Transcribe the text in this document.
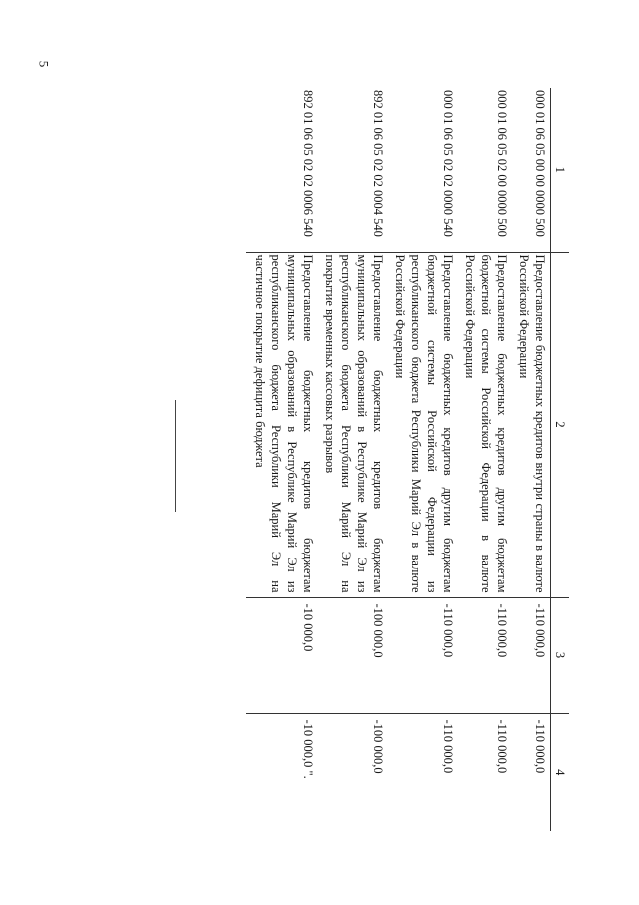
5
1	2	3	4
000 01 06 05 00 00 0000 500	Предоставление бюджетных кредитов внутри страны в валюте Российской Федерации	-110 000,0	-110 000,0
000 01 06 05 02 00 0000 500	Предоставление бюджетных кредитов другим бюджетам бюджетной системы Российской Федерации в валюте Российской Федерации	-110 000,0	-110 000,0
000 01 06 05 02 02 0000 540	Предоставление бюджетных кредитов другим бюджетам бюджетной системы Российской Федерации из республиканского бюджета Республики Марий Эл в валюте Российской Федерации	-110 000,0	-110 000,0
892 01 06 05 02 02 0004 540	Предоставление бюджетных кредитов бюджетам муниципальных образований в Республике Марий Эл из республиканского бюджета Республики Марий Эл на покрытие временных кассовых разрывов	-100 000,0	-100 000,0
892 01 06 05 02 02 0006 540	Предоставление бюджетных кредитов бюджетам муниципальных образований в Республике Марий Эл из республиканского бюджета Республики Марий Эл на частичное покрытие дефицита бюджета	-10 000,0	-10 000,0 ".
